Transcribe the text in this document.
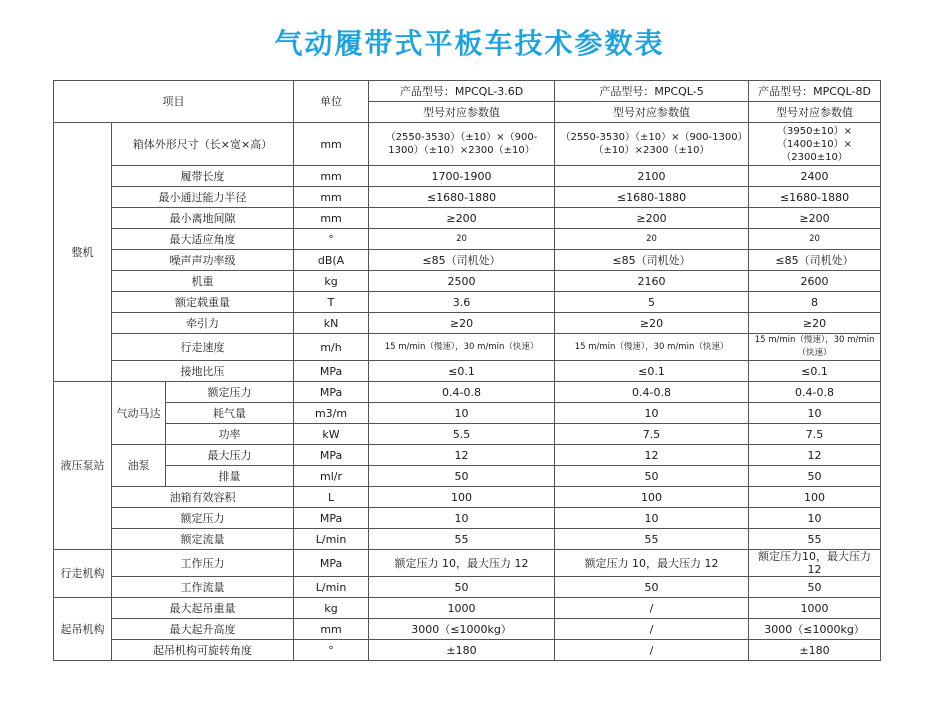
气动履带式平板车技术参数表
项目			单位	产品型号：MPCQL-3.6D	产品型号：MPCQL-5	产品型号：MPCQL-8D
				型号对应参数值	型号对应参数值	型号对应参数值
整机	箱体外形尺寸（长×宽×高）		mm	（2550-3530）（±10）×（900-1300）（±10）×2300（±10）	（2550-3530）（±10）×（900-1300）（±10）×2300（±10）	（3950±10）×（1400±10）×（2300±10）
	履带长度		mm	1700-1900	2100	2400
	最小通过能力半径		mm	≤1680-1880	≤1680-1880	≤1680-1880
	最小离地间隙		mm	≥200	≥200	≥200
	最大适应角度		°	20	20	20
	噪声声功率级		dB(A	≤85（司机处）	≤85（司机处）	≤85（司机处）
	机重		kg	2500	2160	2600
	额定载重量		T	3.6	5	8
	牵引力		kN	≥20	≥20	≥20
	行走速度		m/h	15 m/min（慢速），30 m/min（快速）	15 m/min（慢速），30 m/min（快速）	15 m/min（慢速），30 m/min（快速）
	接地比压		MPa	≤0.1	≤0.1	≤0.1
液压泵站	气动马达	额定压力	MPa	0.4-0.8	0.4-0.8	0.4-0.8
		耗气量	m3/m	10	10	10
		功率	kW	5.5	7.5	7.5
	油泵	最大压力	MPa	12	12	12
		排量	ml/r	50	50	50
	油箱有效容积		L	100	100	100
	额定压力		MPa	10	10	10
	额定流量		L/min	55	55	55
行走机构	工作压力		MPa	额定压力 10，最大压力 12	额定压力 10，最大压力 12	额定压力10，最大压力12
	工作流量		L/min	50	50	50
起吊机构	最大起吊重量		kg	1000	/	1000
	最大起升高度		mm	3000（≤1000kg）	/	3000（≤1000kg）
	起吊机构可旋转角度		°	±180	/	±180
